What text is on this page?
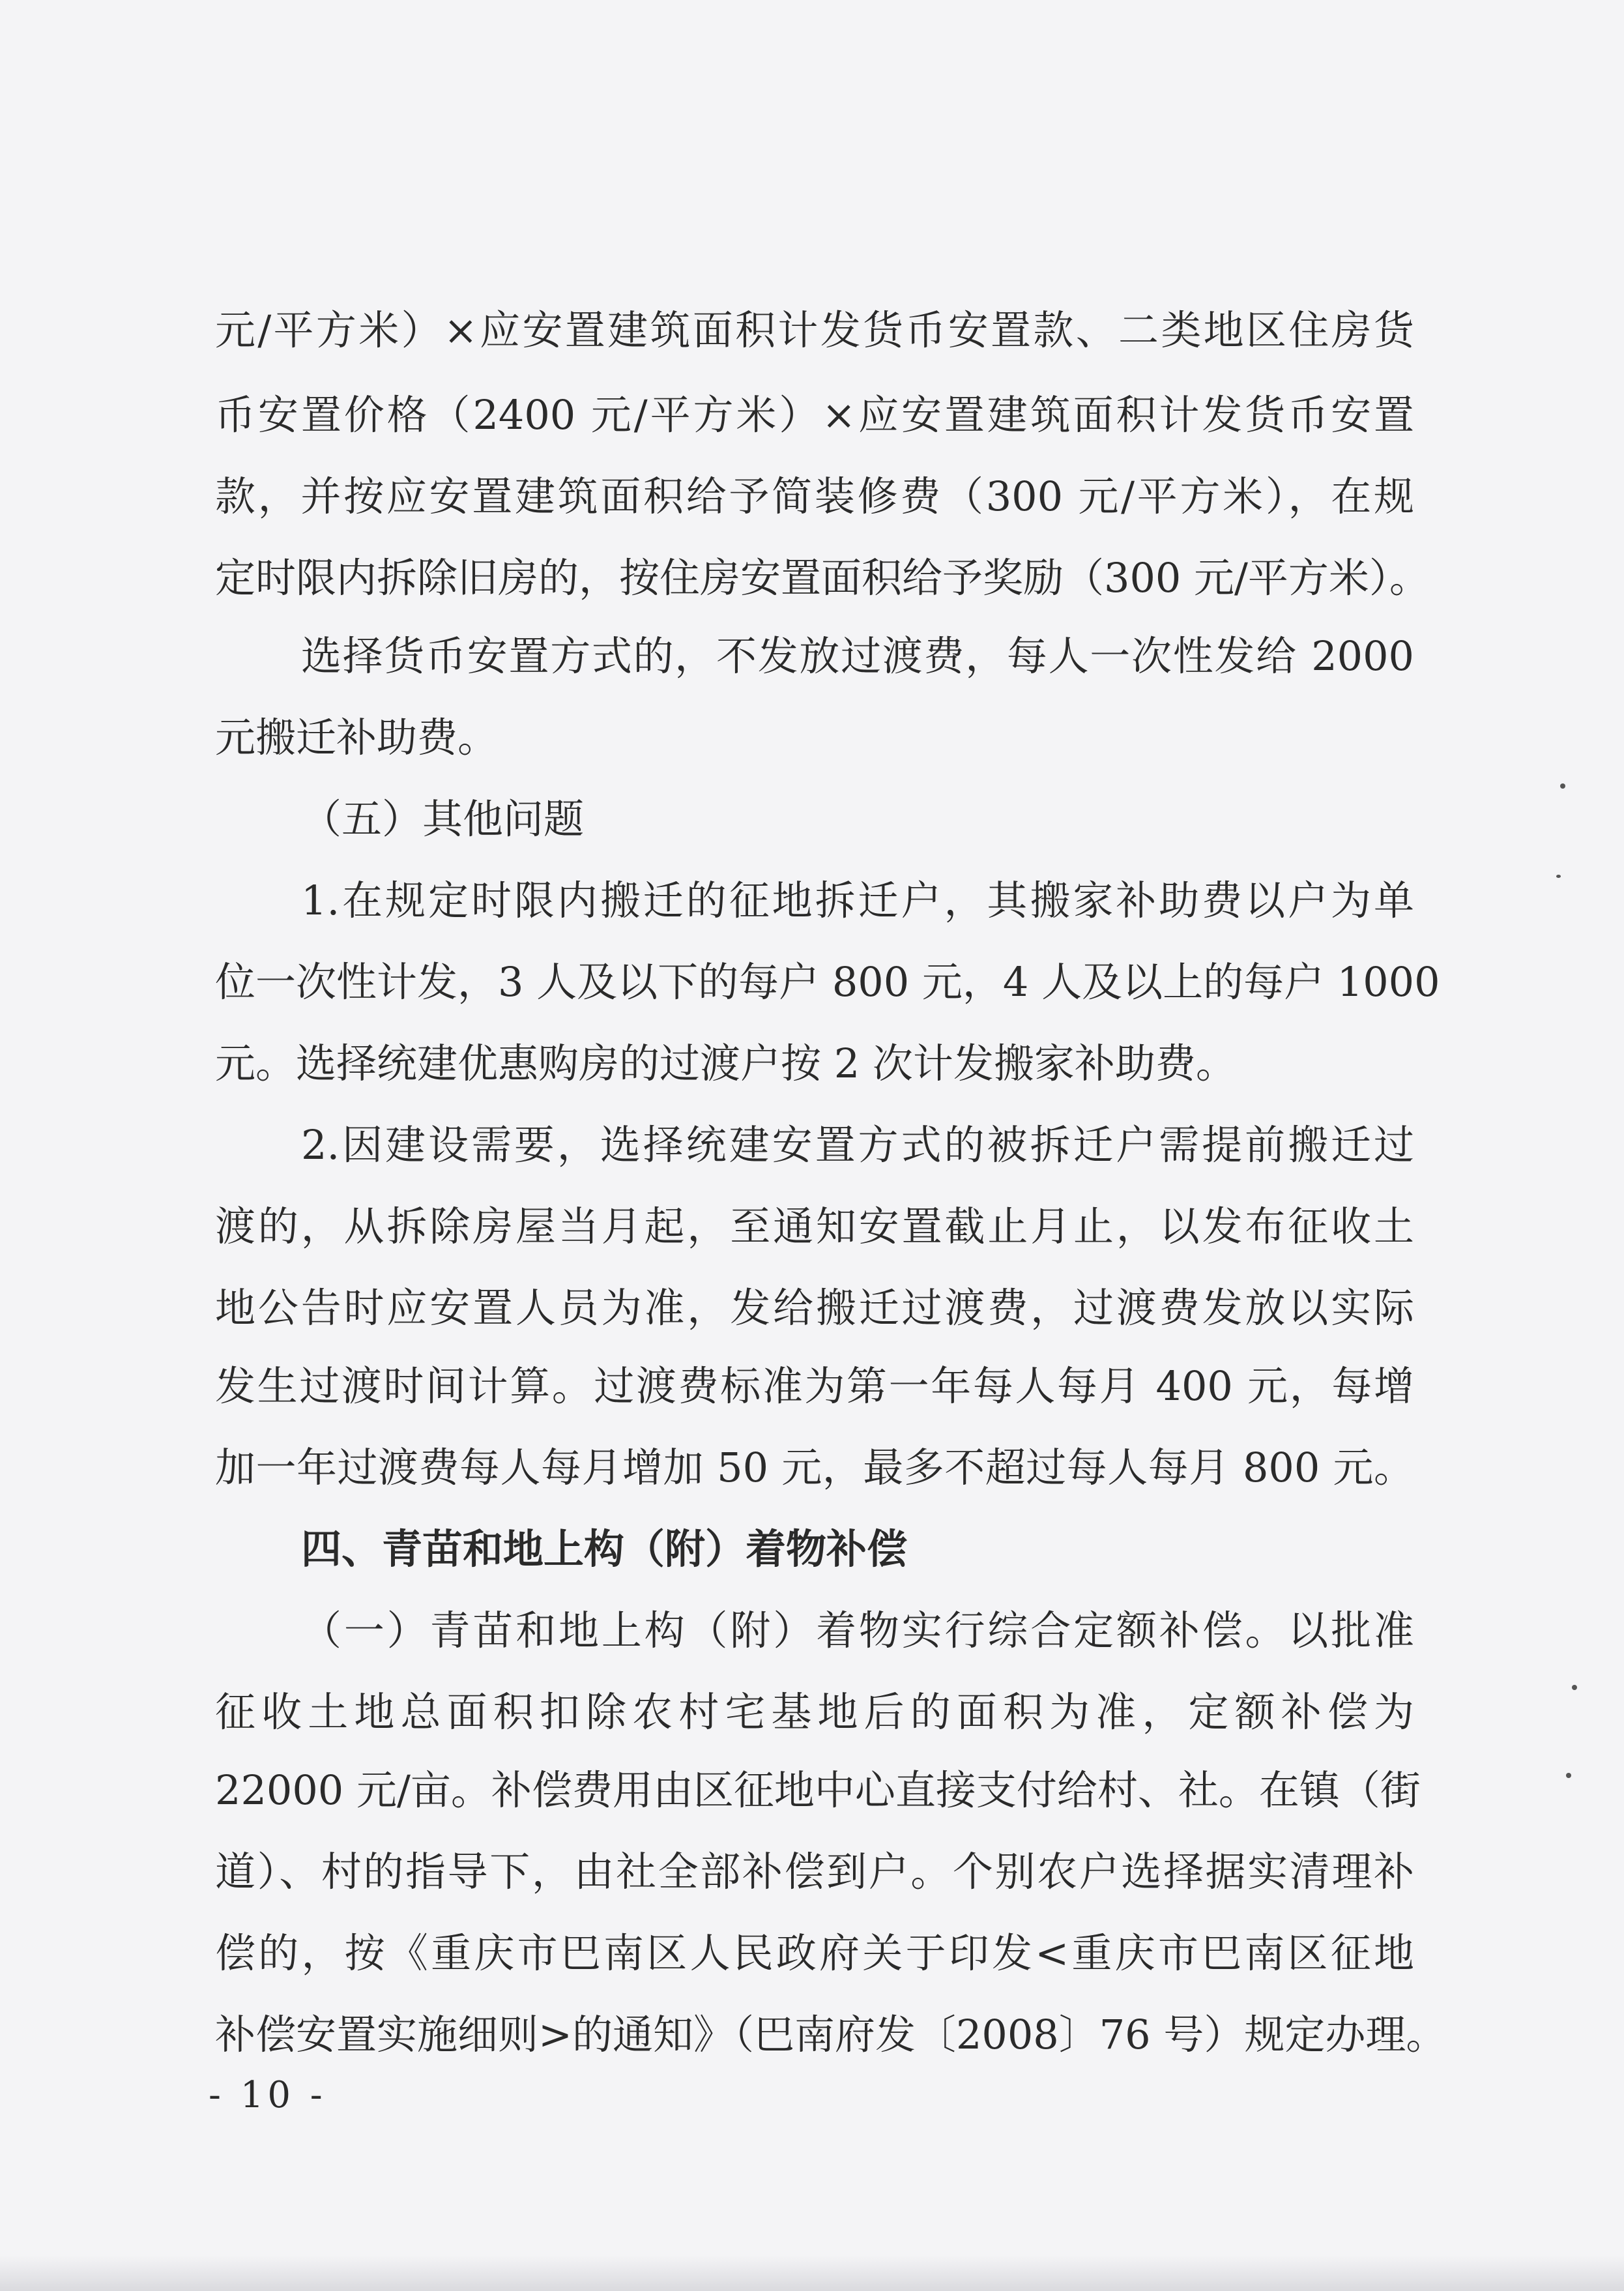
元/平方米）×应安置建筑面积计发货币安置款、二类地区住房货
币安置价格（2400 元/平方米）×应安置建筑面积计发货币安置
款，并按应安置建筑面积给予简装修费（300 元/平方米），在规
定时限内拆除旧房的，按住房安置面积给予奖励（300 元/平方米）。
选择货币安置方式的，不发放过渡费，每人一次性发给 2000
元搬迁补助费。
（五）其他问题
1.在规定时限内搬迁的征地拆迁户，其搬家补助费以户为单
位一次性计发，3 人及以下的每户 800 元，4 人及以上的每户 1000
元。选择统建优惠购房的过渡户按 2 次计发搬家补助费。
2.因建设需要，选择统建安置方式的被拆迁户需提前搬迁过
渡的，从拆除房屋当月起，至通知安置截止月止，以发布征收土
地公告时应安置人员为准，发给搬迁过渡费，过渡费发放以实际
发生过渡时间计算。过渡费标准为第一年每人每月 400 元，每增
加一年过渡费每人每月增加 50 元，最多不超过每人每月 800 元。
四、青苗和地上构（附）着物补偿
（一）青苗和地上构（附）着物实行综合定额补偿。以批准
征收土地总面积扣除农村宅基地后的面积为准，定额补偿为
22000 元/亩。补偿费用由区征地中心直接支付给村、社。在镇（街
道）、村的指导下，由社全部补偿到户。个别农户选择据实清理补
偿的，按《重庆市巴南区人民政府关于印发<重庆市巴南区征地
补偿安置实施细则>的通知》（巴南府发〔2008〕76 号）规定办理。
- 10 -
